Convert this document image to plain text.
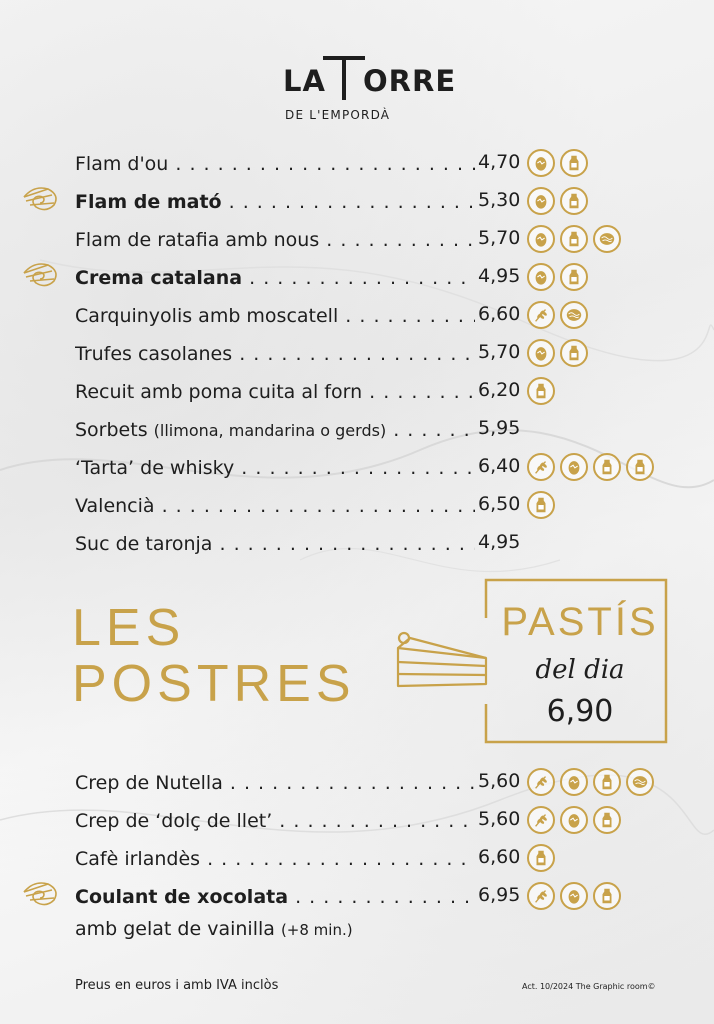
LA ORRE
DE L'EMPORDÀ
Flam d'ou . .	4,70
Flam de mató . .	5,30
Flam de ratafia amb nous . .	5,70
Crema catalana . .	4,95
Carquinyolis amb moscatell . .	6,60
Trufes casolanes . .	5,70
Recuit amb poma cuita al forn . .	6,20
Sorbets (llimona, mandarina o gerds) . .	5,95
‘Tarta’ de whisky . .	6,40
Valencià . .	6,50
Suc de taronja . .	4,95
LES
POSTRES
PASTÍS
del dia
6,90
Crep de Nutella . .	5,60
Crep de ‘dolç de llet’ . .	5,60
Cafè irlandès . .	6,60
Coulant de xocolata . .	6,95
amb gelat de vainilla (+8 min.)
Preus en euros i amb IVA inclòs	Act. 10/2024 The Graphic room©
